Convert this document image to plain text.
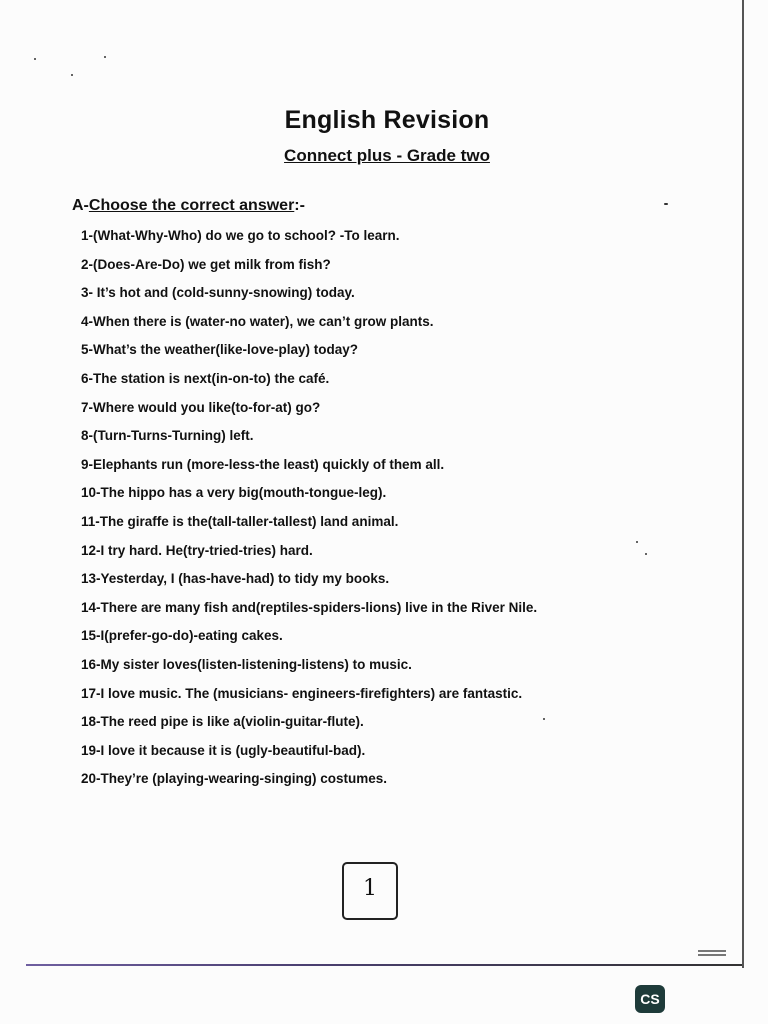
English Revision
Connect plus - Grade two
A-Choose the correct answer:-
1-(What-Why-Who) do we go to school? -To learn.
2-(Does-Are-Do) we get milk from fish?
3- It’s hot and (cold-sunny-snowing) today.
4-When there is (water-no water), we can’t grow plants.
5-What’s the weather(like-love-play) today?
6-The station is next(in-on-to) the café.
7-Where would you like(to-for-at) go?
8-(Turn-Turns-Turning) left.
9-Elephants run (more-less-the least) quickly of them all.
10-The hippo has a very big(mouth-tongue-leg).
11-The giraffe is the(tall-taller-tallest) land animal.
12-I try hard. He(try-tried-tries) hard.
13-Yesterday, I (has-have-had) to tidy my books.
14-There are many fish and(reptiles-spiders-lions) live in the River Nile.
15-I(prefer-go-do)-eating cakes.
16-My sister loves(listen-listening-listens) to music.
17-I love music. The (musicians- engineers-firefighters) are fantastic.
18-The reed pipe is like a(violin-guitar-flute).
19-I love it because it is (ugly-beautiful-bad).
20-They’re (playing-wearing-singing) costumes.
1
CS
